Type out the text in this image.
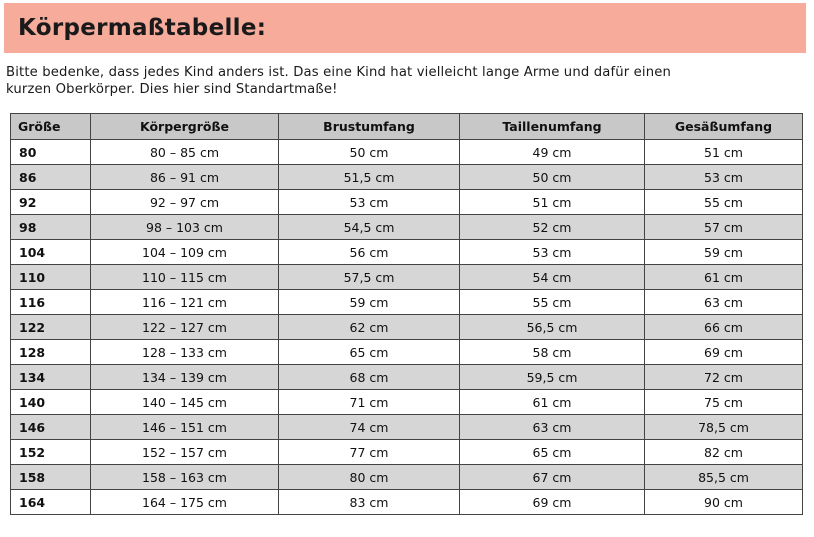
Körpermaßtabelle:
Bitte bedenke, dass jedes Kind anders ist. Das eine Kind hat vielleicht lange Arme und dafür einen
kurzen Oberkörper. Dies hier sind Standartmaße!
Größe	Körpergröße	Brustumfang	Taillenumfang	Gesäßumfang
80	80 – 85 cm	50 cm	49 cm	51 cm
86	86 – 91 cm	51,5 cm	50 cm	53 cm
92	92 – 97 cm	53 cm	51 cm	55 cm
98	98 – 103 cm	54,5 cm	52 cm	57 cm
104	104 – 109 cm	56 cm	53 cm	59 cm
110	110 – 115 cm	57,5 cm	54 cm	61 cm
116	116 – 121 cm	59 cm	55 cm	63 cm
122	122 – 127 cm	62 cm	56,5 cm	66 cm
128	128 – 133 cm	65 cm	58 cm	69 cm
134	134 – 139 cm	68 cm	59,5 cm	72 cm
140	140 – 145 cm	71 cm	61 cm	75 cm
146	146 – 151 cm	74 cm	63 cm	78,5 cm
152	152 – 157 cm	77 cm	65 cm	82 cm
158	158 – 163 cm	80 cm	67 cm	85,5 cm
164	164 – 175 cm	83 cm	69 cm	90 cm
